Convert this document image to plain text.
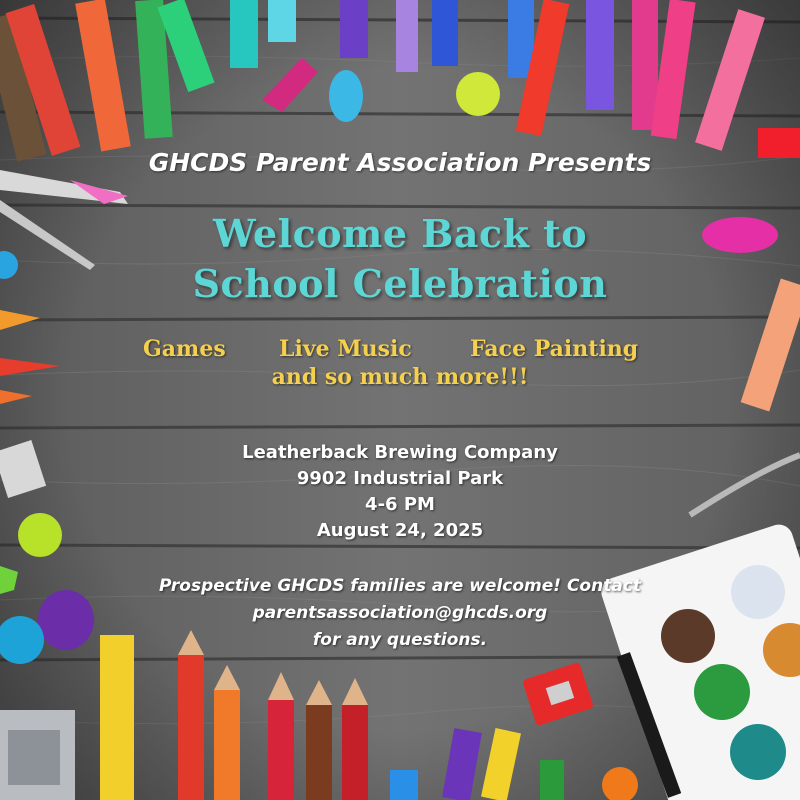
GHCDS Parent Association Presents

Welcome Back to
School Celebration
Games Live Music	Face Painting

and so much more!!!

Leatherback Brewing Company

9902 Industrial Park

4-6 PM

August 24, 2025

Prospective GHCDS families are welcome! Contact

parentsassociation@ghcds.org

for any questions.
